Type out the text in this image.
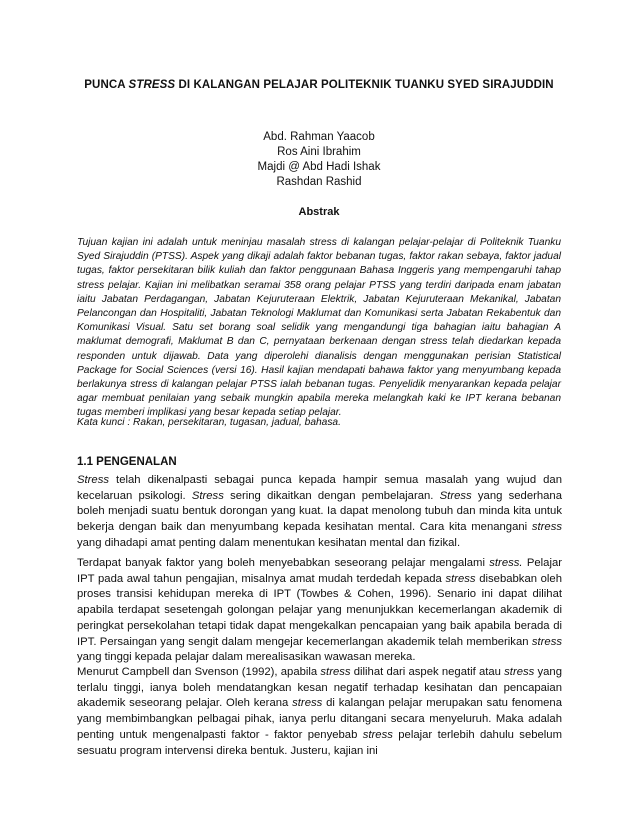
PUNCA STRESS DI KALANGAN PELAJAR POLITEKNIK TUANKU SYED SIRAJUDDIN
Abd. Rahman Yaacob
Ros Aini Ibrahim
Majdi @ Abd Hadi Ishak
Rashdan Rashid
Abstrak

Tujuan kajian ini adalah untuk meninjau masalah stress di kalangan pelajar-pelajar di Politeknik Tuanku Syed Sirajuddin (PTSS). Aspek yang dikaji adalah faktor bebanan tugas, faktor rakan sebaya, faktor jadual tugas, faktor persekitaran bilik kuliah dan faktor penggunaan Bahasa Inggeris yang mempengaruhi tahap stress pelajar. Kajian ini melibatkan seramai 358 orang pelajar PTSS yang terdiri daripada enam jabatan iaitu Jabatan Perdagangan, Jabatan Kejuruteraan Elektrik, Jabatan Kejuruteraan Mekanikal, Jabatan Pelancongan dan Hospitaliti, Jabatan Teknologi Maklumat dan Komunikasi serta Jabatan Rekabentuk dan Komunikasi Visual. Satu set borang soal selidik yang mengandungi tiga bahagian iaitu bahagian A maklumat demografi, Maklumat B dan C, pernyataan berkenaan dengan stress telah diedarkan kepada responden untuk dijawab. Data yang diperolehi dianalisis dengan menggunakan perisian Statistical Package for Social Sciences (versi 16). Hasil kajian mendapati bahawa faktor yang menyumbang kepada berlakunya stress di kalangan pelajar PTSS ialah bebanan tugas. Penyelidik menyarankan kepada pelajar agar membuat penilaian yang sebaik mungkin apabila mereka melangkah kaki ke IPT kerana bebanan tugas memberi implikasi yang besar kepada setiap pelajar.

Kata kunci : Rakan, persekitaran, tugasan, jadual, bahasa.

1.1 PENGENALAN

Stress telah dikenalpasti sebagai punca kepada hampir semua masalah yang wujud dan kecelaruan psikologi. Stress sering dikaitkan dengan pembelajaran. Stress yang sederhana boleh menjadi suatu bentuk dorongan yang kuat. Ia dapat menolong tubuh dan minda kita untuk bekerja dengan baik dan menyumbang kepada kesihatan mental. Cara kita menangani stress yang dihadapi amat penting dalam menentukan kesihatan mental dan fizikal.

Terdapat banyak faktor yang boleh menyebabkan seseorang pelajar mengalami stress. Pelajar IPT pada awal tahun pengajian, misalnya amat mudah terdedah kepada stress disebabkan oleh proses transisi kehidupan mereka di IPT (Towbes & Cohen, 1996). Senario ini dapat dilihat apabila terdapat sesetengah golongan pelajar yang menunjukkan kecemerlangan akademik di peringkat persekolahan tetapi tidak dapat mengekalkan pencapaian yang baik apabila berada di IPT. Persaingan yang sengit dalam mengejar kecemerlangan akademik telah memberikan stress yang tinggi kepada pelajar dalam merealisasikan wawasan mereka.

Menurut Campbell dan Svenson (1992), apabila stress dilihat dari aspek negatif atau stress yang terlalu tinggi, ianya boleh mendatangkan kesan negatif terhadap kesihatan dan pencapaian akademik seseorang pelajar. Oleh kerana stress di kalangan pelajar merupakan satu fenomena yang membimbangkan pelbagai pihak, ianya perlu ditangani secara menyeluruh. Maka adalah penting untuk mengenalpasti faktor - faktor penyebab stress pelajar terlebih dahulu sebelum sesuatu program intervensi direka bentuk. Justeru, kajian ini
